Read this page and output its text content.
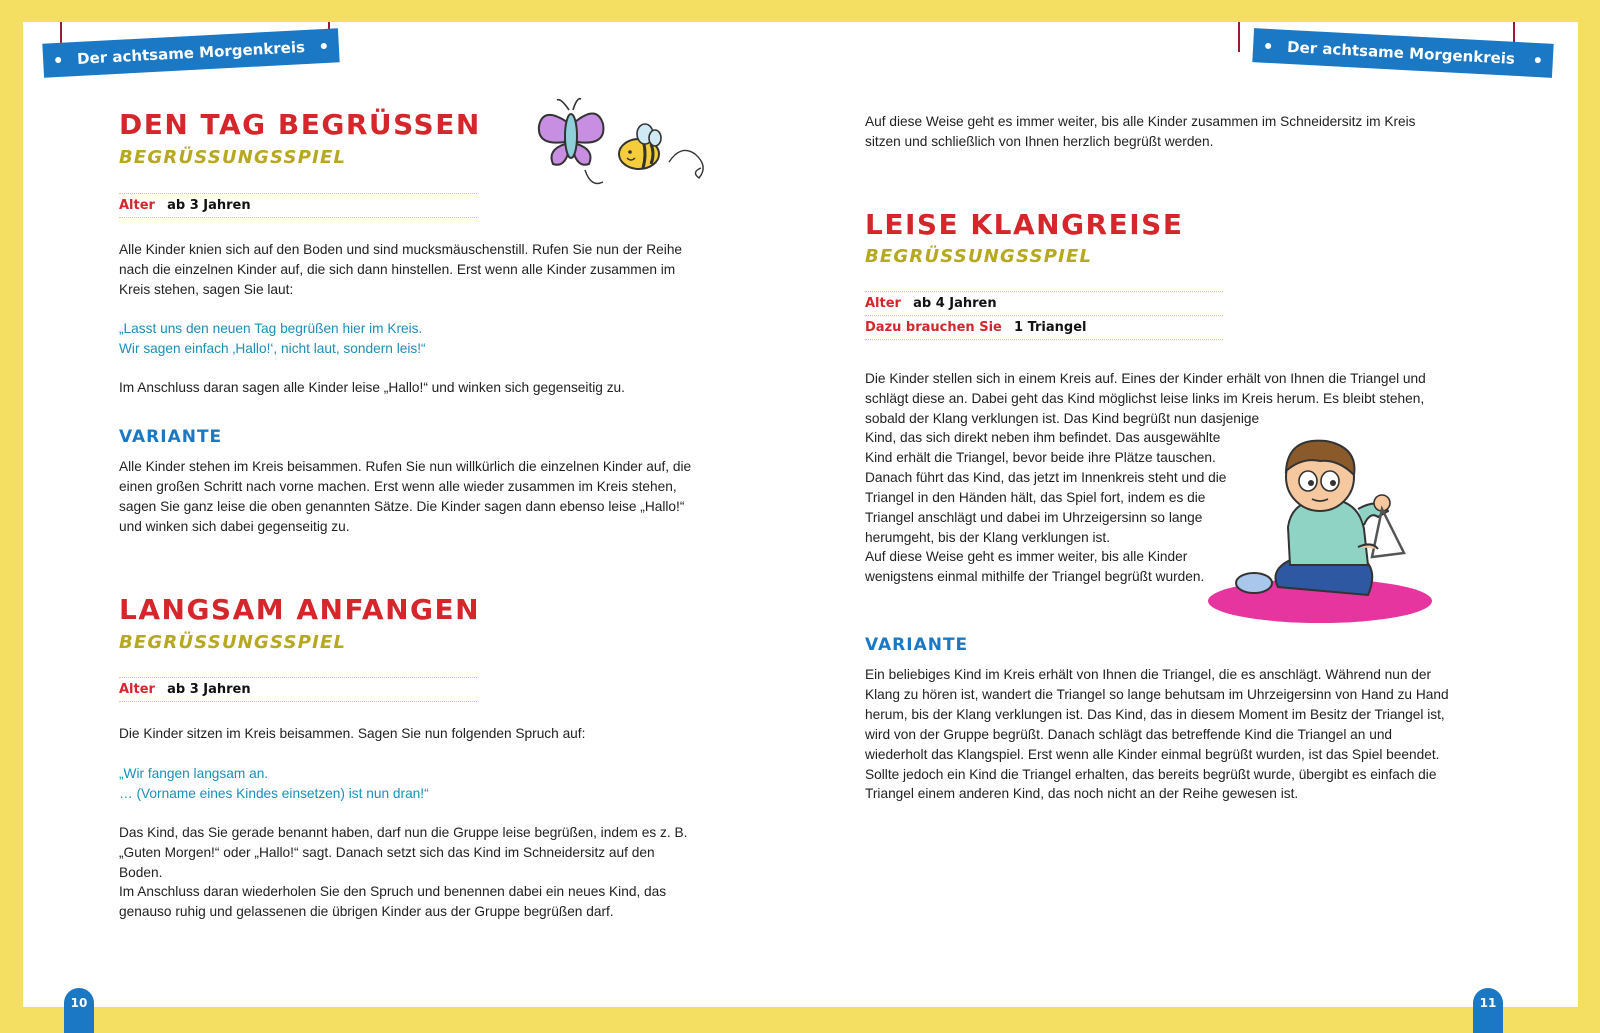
Der achtsame Morgenkreis	Der achtsame Morgenkreis
DEN TAG BEGRÜSSEN
BEGRÜSSUNGSSPIEL
Alter ab 3 Jahren

Alle Kinder knien sich auf den Boden und sind mucksmäuschenstill. Rufen Sie nun der Reihe nach die einzelnen Kinder auf, die sich dann hinstellen. Erst wenn alle Kinder zusammen im Kreis stehen, sagen Sie laut:

„Lasst uns den neuen Tag begrüßen hier im Kreis.

Wir sagen einfach ‚Hallo!‘, nicht laut, sondern leis!“

Im Anschluss daran sagen alle Kinder leise „Hallo!“ und winken sich gegenseitig zu.

VARIANTE

Alle Kinder stehen im Kreis beisammen. Rufen Sie nun willkürlich die einzelnen Kinder auf, die einen großen Schritt nach vorne machen. Erst wenn alle wieder zusammen im Kreis stehen, sagen Sie ganz leise die oben genannten Sätze. Die Kinder sagen dann ebenso leise „Hallo!“ und winken sich dabei gegenseitig zu.

LANGSAM ANFANGEN
BEGRÜSSUNGSSPIEL
Alter ab 3 Jahren

Die Kinder sitzen im Kreis beisammen. Sagen Sie nun folgenden Spruch auf:

„Wir fangen langsam an.

… (Vorname eines Kindes einsetzen) ist nun dran!“

Das Kind, das Sie gerade benannt haben, darf nun die Gruppe leise begrüßen, indem es z. B. „Guten Morgen!“ oder „Hallo!“ sagt. Danach setzt sich das Kind im Schneidersitz auf den Boden.

Im Anschluss daran wiederholen Sie den Spruch und benennen dabei ein neues Kind, das genauso ruhig und gelassenen die übrigen Kinder aus der Gruppe begrüßen darf.

10

Auf diese Weise geht es immer weiter, bis alle Kinder zusammen im Schneidersitz im Kreis sitzen und schließlich von Ihnen herzlich begrüßt werden.

LEISE KLANGREISE
BEGRÜSSUNGSSPIEL
Alter ab 4 Jahren
Dazu brauchen Sie 1 Triangel

Die Kinder stellen sich in einem Kreis auf. Eines der Kinder erhält von Ihnen die Triangel und schlägt diese an. Dabei geht das Kind möglichst leise links im Kreis herum. Es bleibt stehen, sobald der Klang verklungen ist. Das Kind begrüßt nun dasjenige

Kind, das sich direkt neben ihm befindet. Das ausgewählte Kind erhält die Triangel, bevor beide ihre Plätze tauschen. Danach führt das Kind, das jetzt im Innenkreis steht und die Triangel in den Händen hält, das Spiel fort, indem es die Triangel anschlägt und dabei im Uhrzeigersinn so lange herumgeht, bis der Klang verklungen ist.

Auf diese Weise geht es immer weiter, bis alle Kinder wenigstens einmal mithilfe der Triangel begrüßt wurden.

VARIANTE

Ein beliebiges Kind im Kreis erhält von Ihnen die Triangel, die es anschlägt. Während nun der Klang zu hören ist, wandert die Triangel so lange behutsam im Uhrzeigersinn von Hand zu Hand herum, bis der Klang verklungen ist. Das Kind, das in diesem Moment im Besitz der Triangel ist, wird von der Gruppe begrüßt. Danach schlägt das betreffende Kind die Triangel an und wiederholt das Klangspiel. Erst wenn alle Kinder einmal begrüßt wurden, ist das Spiel beendet. Sollte jedoch ein Kind die Triangel erhalten, das bereits begrüßt wurde, übergibt es einfach die Triangel einem anderen Kind, das noch nicht an der Reihe gewesen ist.

11
